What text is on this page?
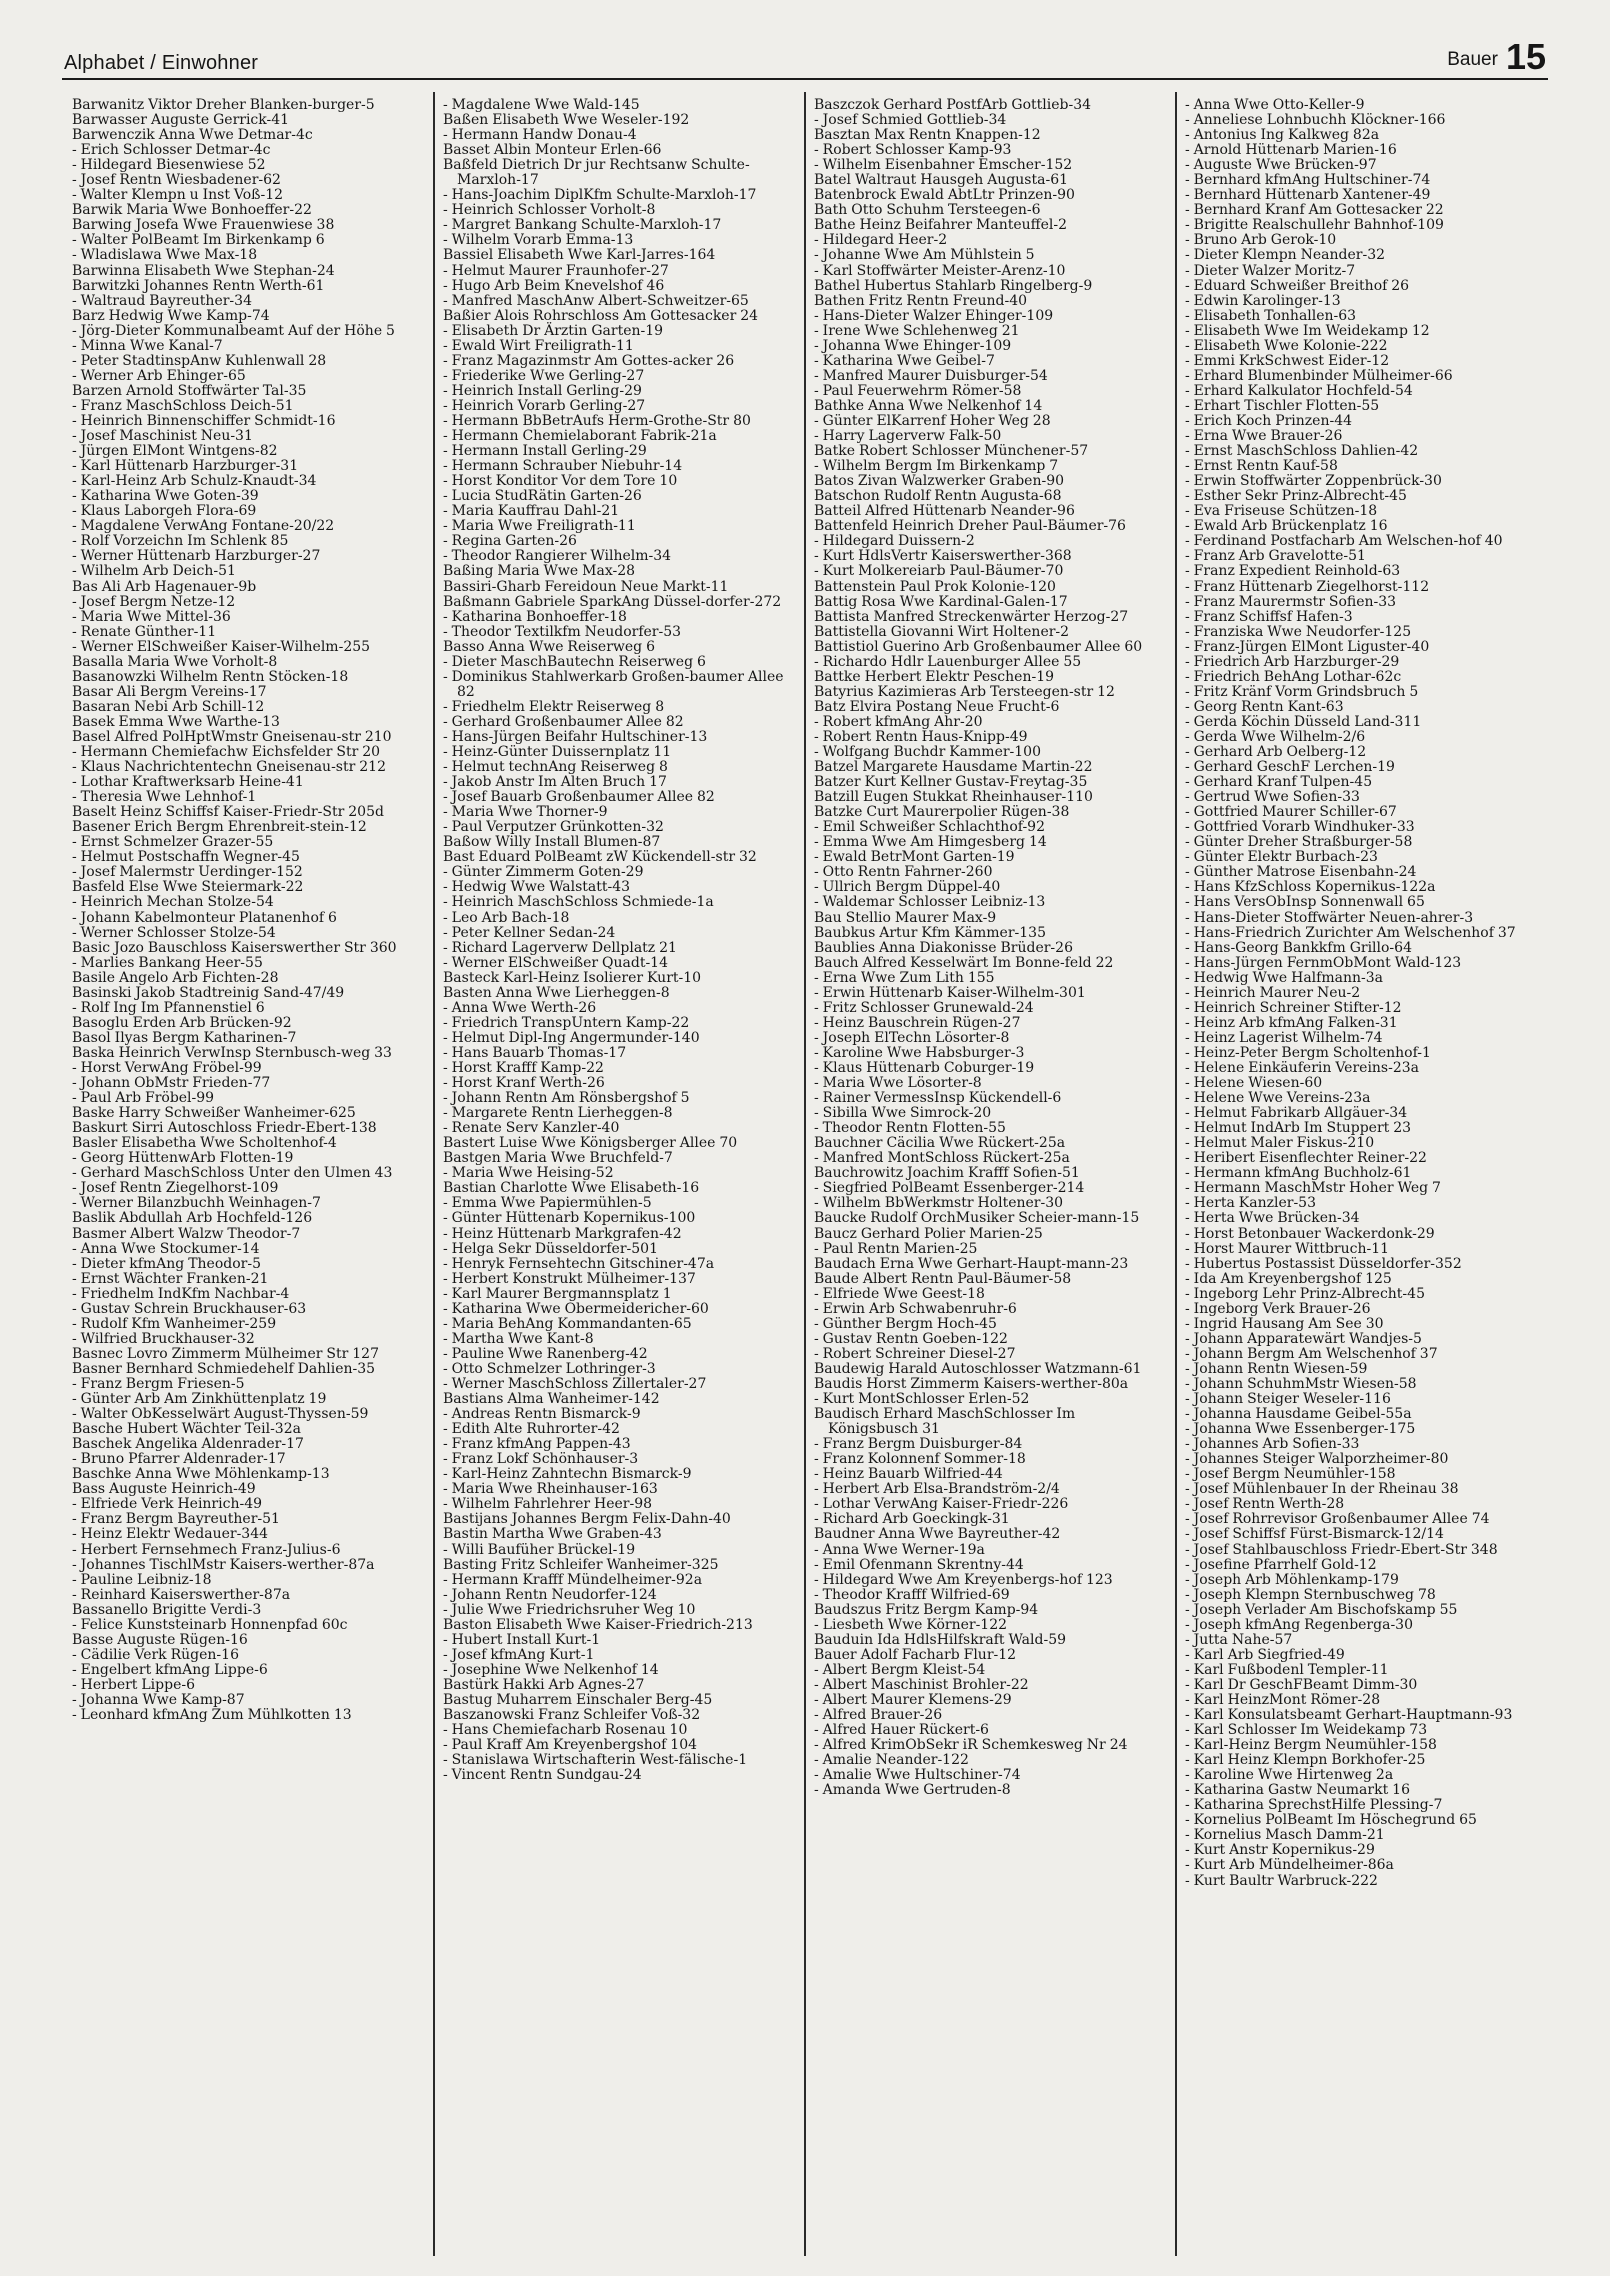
Alphabet / Einwohner	Bauer 15
Barwanitz Viktor Dreher Blanken-burger-5
Barwasser Auguste Gerrick-41
Barwenczik Anna Wwe Detmar-4c
- Erich Schlosser Detmar-4c
- Hildegard Biesenwiese 52
- Josef Rentn Wiesbadener-62
- Walter Klempn u Inst Voß-12
Barwik Maria Wwe Bonhoeffer-22
Barwing Josefa Wwe Frauenwiese 38
- Walter PolBeamt Im Birkenkamp 6
- Wladislawa Wwe Max-18
Barwinna Elisabeth Wwe Stephan-24
Barwitzki Johannes Rentn Werth-61
- Waltraud Bayreuther-34
Barz Hedwig Wwe Kamp-74
- Jörg-Dieter Kommunalbeamt Auf der Höhe 5
- Minna Wwe Kanal-7
- Peter StadtinspAnw Kuhlenwall 28
- Werner Arb Ehinger-65
Barzen Arnold Stoffwärter Tal-35
- Franz MaschSchloss Deich-51
- Heinrich Binnenschiffer Schmidt-16
- Josef Maschinist Neu-31
- Jürgen ElMont Wintgens-82
- Karl Hüttenarb Harzburger-31
- Karl-Heinz Arb Schulz-Knaudt-34
- Katharina Wwe Goten-39
- Klaus Laborgeh Flora-69
- Magdalene VerwAng Fontane-20/22
- Rolf Vorzeichn Im Schlenk 85
- Werner Hüttenarb Harzburger-27
- Wilhelm Arb Deich-51
Bas Ali Arb Hagenauer-9b
- Josef Bergm Netze-12
- Maria Wwe Mittel-36
- Renate Günther-11
- Werner ElSchweißer Kaiser-Wilhelm-255
Basalla Maria Wwe Vorholt-8
Basanowzki Wilhelm Rentn Stöcken-18
Basar Ali Bergm Vereins-17
Basaran Nebi Arb Schill-12
Basek Emma Wwe Warthe-13
Basel Alfred PolHptWmstr Gneisenau-str 210
- Hermann Chemiefachw Eichsfelder Str 20
- Klaus Nachrichtentechn Gneisenau-str 212
- Lothar Kraftwerksarb Heine-41
- Theresia Wwe Lehnhof-1
Baselt Heinz Schiffsf Kaiser-Friedr-Str 205d
Basener Erich Bergm Ehrenbreit-stein-12
- Ernst Schmelzer Grazer-55
- Helmut Postschaffn Wegner-45
- Josef Malermstr Uerdinger-152
Basfeld Else Wwe Steiermark-22
- Heinrich Mechan Stolze-54
- Johann Kabelmonteur Platanenhof 6
- Werner Schlosser Stolze-54
Basic Jozo Bauschloss Kaiserswerther Str 360
- Marlies Bankang Heer-55
Basile Angelo Arb Fichten-28
Basinski Jakob Stadtreinig Sand-47/49
- Rolf Ing Im Pfannenstiel 6
Basoglu Erden Arb Brücken-92
Basol Ilyas Bergm Katharinen-7
Baska Heinrich VerwInsp Sternbusch-weg 33
- Horst VerwAng Fröbel-99
- Johann ObMstr Frieden-77
- Paul Arb Fröbel-99
Baske Harry Schweißer Wanheimer-625
Baskurt Sirri Autoschloss Friedr-Ebert-138
Basler Elisabetha Wwe Scholtenhof-4
- Georg HüttenwArb Flotten-19
- Gerhard MaschSchloss Unter den Ulmen 43
- Josef Rentn Ziegelhorst-109
- Werner Bilanzbuchh Weinhagen-7
Baslik Abdullah Arb Hochfeld-126
Basmer Albert Walzw Theodor-7
- Anna Wwe Stockumer-14
- Dieter kfmAng Theodor-5
- Ernst Wächter Franken-21
- Friedhelm IndKfm Nachbar-4
- Gustav Schrein Bruckhauser-63
- Rudolf Kfm Wanheimer-259
- Wilfried Bruckhauser-32
Basnec Lovro Zimmerm Mülheimer Str 127
Basner Bernhard Schmiedehelf Dahlien-35
- Franz Bergm Friesen-5
- Günter Arb Am Zinkhüttenplatz 19
- Walter ObKesselwärt August-Thyssen-59
Basche Hubert Wächter Teil-32a
Baschek Angelika Aldenrader-17
- Bruno Pfarrer Aldenrader-17
Baschke Anna Wwe Möhlenkamp-13
Bass Auguste Heinrich-49
- Elfriede Verk Heinrich-49
- Franz Bergm Bayreuther-51
- Heinz Elektr Wedauer-344
- Herbert Fernsehmech Franz-Julius-6
- Johannes TischlMstr Kaisers-werther-87a
- Pauline Leibniz-18
- Reinhard Kaiserswerther-87a
Bassanello Brigitte Verdi-3
- Felice Kunststeinarb Honnenpfad 60c
Basse Auguste Rügen-16
- Cädilie Verk Rügen-16
- Engelbert kfmAng Lippe-6
- Herbert Lippe-6
- Johanna Wwe Kamp-87
- Leonhard kfmAng Zum Mühlkotten 13
- Magdalene Wwe Wald-145
Baßen Elisabeth Wwe Weseler-192
- Hermann Handw Donau-4
Basset Albin Monteur Erlen-66
Baßfeld Dietrich Dr jur Rechtsanw Schulte-Marxloh-17
- Hans-Joachim DiplKfm Schulte-Marxloh-17
- Heinrich Schlosser Vorholt-8
- Margret Bankang Schulte-Marxloh-17
- Wilhelm Vorarb Emma-13
Bassiel Elisabeth Wwe Karl-Jarres-164
- Helmut Maurer Fraunhofer-27
- Hugo Arb Beim Knevelshof 46
- Manfred MaschAnw Albert-Schweitzer-65
Baßier Alois Rohrschloss Am Gottesacker 24
- Elisabeth Dr Ärztin Garten-19
- Ewald Wirt Freiligrath-11
- Franz Magazinmstr Am Gottes-acker 26
- Friederike Wwe Gerling-27
- Heinrich Install Gerling-29
- Heinrich Vorarb Gerling-27
- Hermann BbBetrAufs Herm-Grothe-Str 80
- Hermann Chemielaborant Fabrik-21a
- Hermann Install Gerling-29
- Hermann Schrauber Niebuhr-14
- Horst Konditor Vor dem Tore 10
- Lucia StudRätin Garten-26
- Maria Kauffrau Dahl-21
- Maria Wwe Freiligrath-11
- Regina Garten-26
- Theodor Rangierer Wilhelm-34
Baßing Maria Wwe Max-28
Bassiri-Gharb Fereidoun Neue Markt-11
Baßmann Gabriele SparkAng Düssel-dorfer-272
- Katharina Bonhoeffer-18
- Theodor Textilkfm Neudorfer-53
Basso Anna Wwe Reiserweg 6
- Dieter MaschBautechn Reiserweg 6
- Dominikus Stahlwerkarb Großen-baumer Allee 82
- Friedhelm Elektr Reiserweg 8
- Gerhard Großenbaumer Allee 82
- Hans-Jürgen Beifahr Hultschiner-13
- Heinz-Günter Duissernplatz 11
- Helmut technAng Reiserweg 8
- Jakob Anstr Im Alten Bruch 17
- Josef Bauarb Großenbaumer Allee 82
- Maria Wwe Thorner-9
- Paul Verputzer Grünkotten-32
Baßow Willy Install Blumen-87
Bast Eduard PolBeamt zW Kückendell-str 32
- Günter Zimmerm Goten-29
- Hedwig Wwe Walstatt-43
- Heinrich MaschSchloss Schmiede-1a
- Leo Arb Bach-18
- Peter Kellner Sedan-24
- Richard Lagerverw Dellplatz 21
- Werner ElSchweißer Quadt-14
Basteck Karl-Heinz Isolierer Kurt-10
Basten Anna Wwe Lierheggen-8
- Anna Wwe Werth-26
- Friedrich TranspUntern Kamp-22
- Helmut Dipl-Ing Angermunder-140
- Hans Bauarb Thomas-17
- Horst Krafff Kamp-22
- Horst Kranf Werth-26
- Johann Rentn Am Rönsbergshof 5
- Margarete Rentn Lierheggen-8
- Renate Serv Kanzler-40
Bastert Luise Wwe Königsberger Allee 70
Bastgen Maria Wwe Bruchfeld-7
- Maria Wwe Heising-52
Bastian Charlotte Wwe Elisabeth-16
- Emma Wwe Papiermühlen-5
- Günter Hüttenarb Kopernikus-100
- Heinz Hüttenarb Markgrafen-42
- Helga Sekr Düsseldorfer-501
- Henryk Fernsehtechn Gitschiner-47a
- Herbert Konstrukt Mülheimer-137
- Karl Maurer Bergmannsplatz 1
- Katharina Wwe Obermeidericher-60
- Maria BehAng Kommandanten-65
- Martha Wwe Kant-8
- Pauline Wwe Ranenberg-42
- Otto Schmelzer Lothringer-3
- Werner MaschSchloss Zillertaler-27
Bastians Alma Wanheimer-142
- Andreas Rentn Bismarck-9
- Edith Alte Ruhrorter-42
- Franz kfmAng Pappen-43
- Franz Lokf Schönhauser-3
- Karl-Heinz Zahntechn Bismarck-9
- Maria Wwe Rheinhauser-163
- Wilhelm Fahrlehrer Heer-98
Bastijans Johannes Bergm Felix-Dahn-40
Bastin Martha Wwe Graben-43
- Willi Baufüher Brückel-19
Basting Fritz Schleifer Wanheimer-325
- Hermann Krafff Mündelheimer-92a
- Johann Rentn Neudorfer-124
- Julie Wwe Friedrichsruher Weg 10
Baston Elisabeth Wwe Kaiser-Friedrich-213
- Hubert Install Kurt-1
- Josef kfmAng Kurt-1
- Josephine Wwe Nelkenhof 14
Bastürk Hakki Arb Agnes-27
Bastug Muharrem Einschaler Berg-45
Baszanowski Franz Schleifer Voß-32
- Hans Chemiefacharb Rosenau 10
- Paul Kraff Am Kreyenbergshof 104
- Stanislawa Wirtschafterin West-fälische-1
- Vincent Rentn Sundgau-24
Baszczok Gerhard PostfArb Gottlieb-34
- Josef Schmied Gottlieb-34
Basztan Max Rentn Knappen-12
- Robert Schlosser Kamp-93
- Wilhelm Eisenbahner Emscher-152
Batel Waltraut Hausgeh Augusta-61
Batenbrock Ewald AbtLtr Prinzen-90
Bath Otto Schuhm Tersteegen-6
Bathe Heinz Beifahrer Manteuffel-2
- Hildegard Heer-2
- Johanne Wwe Am Mühlstein 5
- Karl Stoffwärter Meister-Arenz-10
Bathel Hubertus Stahlarb Ringelberg-9
Bathen Fritz Rentn Freund-40
- Hans-Dieter Walzer Ehinger-109
- Irene Wwe Schlehenweg 21
- Johanna Wwe Ehinger-109
- Katharina Wwe Geibel-7
- Manfred Maurer Duisburger-54
- Paul Feuerwehrm Römer-58
Bathke Anna Wwe Nelkenhof 14
- Günter ElKarrenf Hoher Weg 28
- Harry Lagerverw Falk-50
Batke Robert Schlosser Münchener-57
- Wilhelm Bergm Im Birkenkamp 7
Batos Zivan Walzwerker Graben-90
Batschon Rudolf Rentn Augusta-68
Batteil Alfred Hüttenarb Neander-96
Battenfeld Heinrich Dreher Paul-Bäumer-76
- Hildegard Duissern-2
- Kurt HdlsVertr Kaiserswerther-368
- Kurt Molkereiarb Paul-Bäumer-70
Battenstein Paul Prok Kolonie-120
Battig Rosa Wwe Kardinal-Galen-17
Battista Manfred Streckenwärter Herzog-27
Battistella Giovanni Wirt Holtener-2
Battistiol Guerino Arb Großenbaumer Allee 60
- Richardo Hdlr Lauenburger Allee 55
Battke Herbert Elektr Peschen-19
Batyrius Kazimieras Arb Tersteegen-str 12
Batz Elvira Postang Neue Frucht-6
- Robert kfmAng Ahr-20
- Robert Rentn Haus-Knipp-49
- Wolfgang Buchdr Kammer-100
Batzel Margarete Hausdame Martin-22
Batzer Kurt Kellner Gustav-Freytag-35
Batzill Eugen Stukkat Rheinhauser-110
Batzke Curt Maurerpolier Rügen-38
- Emil Schweißer Schlachthof-92
- Emma Wwe Am Himgesberg 14
- Ewald BetrMont Garten-19
- Otto Rentn Fahrner-260
- Ullrich Bergm Düppel-40
- Waldemar Schlosser Leibniz-13
Bau Stellio Maurer Max-9
Baubkus Artur Kfm Kämmer-135
Baublies Anna Diakonisse Brüder-26
Bauch Alfred Kesselwärt Im Bonne-feld 22
- Erna Wwe Zum Lith 155
- Erwin Hüttenarb Kaiser-Wilhelm-301
- Fritz Schlosser Grunewald-24
- Heinz Bauschrein Rügen-27
- Joseph ElTechn Lösorter-8
- Karoline Wwe Habsburger-3
- Klaus Hüttenarb Coburger-19
- Maria Wwe Lösorter-8
- Rainer VermessInsp Kückendell-6
- Sibilla Wwe Simrock-20
- Theodor Rentn Flotten-55
Bauchner Cäcilia Wwe Rückert-25a
- Manfred MontSchloss Rückert-25a
Bauchrowitz Joachim Krafff Sofien-51
- Siegfried PolBeamt Essenberger-214
- Wilhelm BbWerkmstr Holtener-30
Baucke Rudolf OrchMusiker Scheier-mann-15
Baucz Gerhard Polier Marien-25
- Paul Rentn Marien-25
Baudach Erna Wwe Gerhart-Haupt-mann-23
Baude Albert Rentn Paul-Bäumer-58
- Elfriede Wwe Geest-18
- Erwin Arb Schwabenruhr-6
- Günther Bergm Hoch-45
- Gustav Rentn Goeben-122
- Robert Schreiner Diesel-27
Baudewig Harald Autoschlosser Watzmann-61
Baudis Horst Zimmerm Kaisers-werther-80a
- Kurt MontSchlosser Erlen-52
Baudisch Erhard MaschSchlosser Im Königsbusch 31
- Franz Bergm Duisburger-84
- Franz Kolonnenf Sommer-18
- Heinz Bauarb Wilfried-44
- Herbert Arb Elsa-Brandström-2/4
- Lothar VerwAng Kaiser-Friedr-226
- Richard Arb Goeckingk-31
Baudner Anna Wwe Bayreuther-42
- Anna Wwe Werner-19a
- Emil Ofenmann Skrentny-44
- Hildegard Wwe Am Kreyenbergs-hof 123
- Theodor Krafff Wilfried-69
Baudszus Fritz Bergm Kamp-94
- Liesbeth Wwe Körner-122
Bauduin Ida HdlsHilfskraft Wald-59
Bauer Adolf Facharb Flur-12
- Albert Bergm Kleist-54
- Albert Maschinist Brohler-22
- Albert Maurer Klemens-29
- Alfred Brauer-26
- Alfred Hauer Rückert-6
- Alfred KrimObSekr iR Schemkesweg Nr 24
- Amalie Neander-122
- Amalie Wwe Hultschiner-74
- Amanda Wwe Gertruden-8
- Anna Wwe Otto-Keller-9
- Anneliese Lohnbuchh Klöckner-166
- Antonius Ing Kalkweg 82a
- Arnold Hüttenarb Marien-16
- Auguste Wwe Brücken-97
- Bernhard kfmAng Hultschiner-74
- Bernhard Hüttenarb Xantener-49
- Bernhard Kranf Am Gottesacker 22
- Brigitte Realschullehr Bahnhof-109
- Bruno Arb Gerok-10
- Dieter Klempn Neander-32
- Dieter Walzer Moritz-7
- Eduard Schweißer Breithof 26
- Edwin Karolinger-13
- Elisabeth Tonhallen-63
- Elisabeth Wwe Im Weidekamp 12
- Elisabeth Wwe Kolonie-222
- Emmi KrkSchwest Eider-12
- Erhard Blumenbinder Mülheimer-66
- Erhard Kalkulator Hochfeld-54
- Erhart Tischler Flotten-55
- Erich Koch Prinzen-44
- Erna Wwe Brauer-26
- Ernst MaschSchloss Dahlien-42
- Ernst Rentn Kauf-58
- Erwin Stoffwärter Zoppenbrück-30
- Esther Sekr Prinz-Albrecht-45
- Eva Friseuse Schützen-18
- Ewald Arb Brückenplatz 16
- Ferdinand Postfacharb Am Welschen-hof 40
- Franz Arb Gravelotte-51
- Franz Expedient Reinhold-63
- Franz Hüttenarb Ziegelhorst-112
- Franz Maurermstr Sofien-33
- Franz Schiffsf Hafen-3
- Franziska Wwe Neudorfer-125
- Franz-Jürgen ElMont Liguster-40
- Friedrich Arb Harzburger-29
- Friedrich BehAng Lothar-62c
- Fritz Kränf Vorm Grindsbruch 5
- Georg Rentn Kant-63
- Gerda Köchin Düsseld Land-311
- Gerda Wwe Wilhelm-2/6
- Gerhard Arb Oelberg-12
- Gerhard GeschF Lerchen-19
- Gerhard Kranf Tulpen-45
- Gertrud Wwe Sofien-33
- Gottfried Maurer Schiller-67
- Gottfried Vorarb Windhuker-33
- Günter Dreher Straßburger-58
- Günter Elektr Burbach-23
- Günther Matrose Eisenbahn-24
- Hans KfzSchloss Kopernikus-122a
- Hans VersObInsp Sonnenwall 65
- Hans-Dieter Stoffwärter Neuen-ahrer-3
- Hans-Friedrich Zurichter Am Welschenhof 37
- Hans-Georg Bankkfm Grillo-64
- Hans-Jürgen FernmObMont Wald-123
- Hedwig Wwe Halfmann-3a
- Heinrich Maurer Neu-2
- Heinrich Schreiner Stifter-12
- Heinz Arb kfmAng Falken-31
- Heinz Lagerist Wilhelm-74
- Heinz-Peter Bergm Scholtenhof-1
- Helene Einkäuferin Vereins-23a
- Helene Wiesen-60
- Helene Wwe Vereins-23a
- Helmut Fabrikarb Allgäuer-34
- Helmut IndArb Im Stuppert 23
- Helmut Maler Fiskus-210
- Heribert Eisenflechter Reiner-22
- Hermann kfmAng Buchholz-61
- Hermann MaschMstr Hoher Weg 7
- Herta Kanzler-53
- Herta Wwe Brücken-34
- Horst Betonbauer Wackerdonk-29
- Horst Maurer Wittbruch-11
- Hubertus Postassist Düsseldorfer-352
- Ida Am Kreyenbergshof 125
- Ingeborg Lehr Prinz-Albrecht-45
- Ingeborg Verk Brauer-26
- Ingrid Hausang Am See 30
- Johann Apparatewärt Wandjes-5
- Johann Bergm Am Welschenhof 37
- Johann Rentn Wiesen-59
- Johann SchuhmMstr Wiesen-58
- Johann Steiger Weseler-116
- Johanna Hausdame Geibel-55a
- Johanna Wwe Essenberger-175
- Johannes Arb Sofien-33
- Johannes Steiger Walporzheimer-80
- Josef Bergm Neumühler-158
- Josef Mühlenbauer In der Rheinau 38
- Josef Rentn Werth-28
- Josef Rohrrevisor Großenbaumer Allee 74
- Josef Schiffsf Fürst-Bismarck-12/14
- Josef Stahlbauschloss Friedr-Ebert-Str 348
- Josefine Pfarrhelf Gold-12
- Joseph Arb Möhlenkamp-179
- Joseph Klempn Sternbuschweg 78
- Joseph Verlader Am Bischofskamp 55
- Joseph kfmAng Regenberga-30
- Jutta Nahe-57
- Karl Arb Siegfried-49
- Karl Fußbodenl Templer-11
- Karl Dr GeschFBeamt Dimm-30
- Karl HeinzMont Römer-28
- Karl Konsulatsbeamt Gerhart-Hauptmann-93
- Karl Schlosser Im Weidekamp 73
- Karl-Heinz Bergm Neumühler-158
- Karl Heinz Klempn Borkhofer-25
- Karoline Wwe Hirtenweg 2a
- Katharina Gastw Neumarkt 16
- Katharina SprechstHilfe Plessing-7
- Kornelius PolBeamt Im Höschegrund 65
- Kornelius Masch Damm-21
- Kurt Anstr Kopernikus-29
- Kurt Arb Mündelheimer-86a
- Kurt Baultr Warbruck-222
